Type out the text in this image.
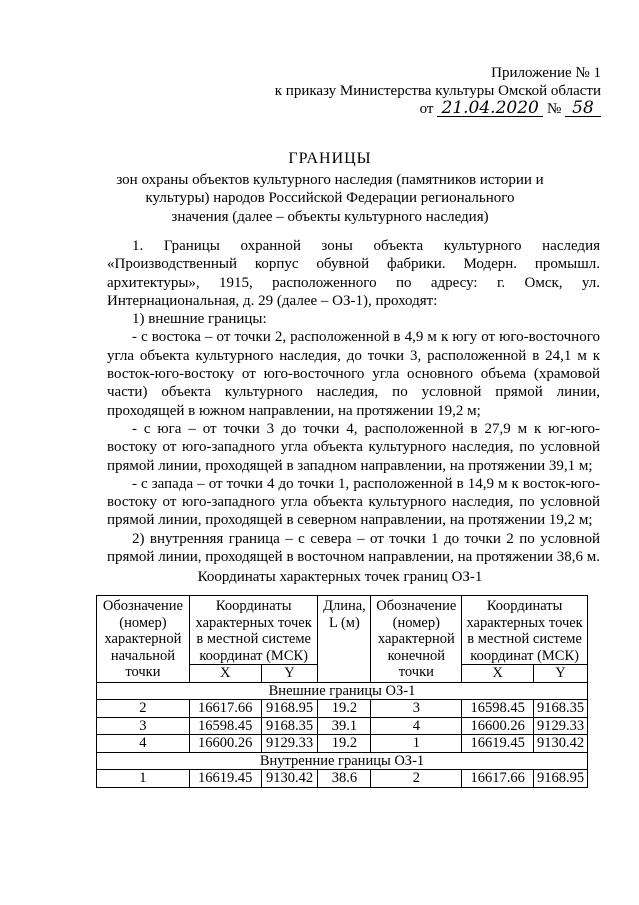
Приложение № 1
к приказу Министерства культуры Омской области
от 21.04.2020 № 58
ГРАНИЦЫ
зон охраны объектов культурного наследия (памятников истории и
культуры) народов Российской Федерации регионального
значения (далее – объекты культурного наследия)

1. Границы охранной зоны объекта культурного наследия «Производственный корпус обувной фабрики. Модерн. промышл. архитектуры», 1915, расположенного по адресу: г. Омск, ул. Интернациональная, д. 29 (далее – ОЗ-1), проходят:

1) внешние границы:

- с востока – от точки 2, расположенной в 4,9 м к югу от юго-восточного угла объекта культурного наследия, до точки 3, расположенной в 24,1 м к восток-юго-востоку от юго-восточного угла основного объема (храмовой части) объекта культурного наследия, по условной прямой линии, проходящей в южном направлении, на протяжении 19,2 м;

- с юга – от точки 3 до точки 4, расположенной в 27,9 м к юг-юго-востоку от юго-западного угла объекта культурного наследия, по условной прямой линии, проходящей в западном направлении, на протяжении 39,1 м;

- с запада – от точки 4 до точки 1, расположенной в 14,9 м к восток-юго-востоку от юго-западного угла объекта культурного наследия, по условной прямой линии, проходящей в северном направлении, на протяжении 19,2 м;

2) внутренняя граница – с севера – от точки 1 до точки 2 по условной прямой линии, проходящей в восточном направлении, на протяжении 38,6 м.

Координаты характерных точек границ ОЗ-1
Обозначение (номер) характерной начальной точки	Координаты характерных точек в местной системе координат (МСК)		Длина, L (м)	Обозначение (номер) характерной конечной точки	Координаты характерных точек в местной системе координат (МСК)	
	X	Y			X	Y
Внешние границы ОЗ-1						
2	16617.66	9168.95	19.2	3	16598.45	9168.35
3	16598.45	9168.35	39.1	4	16600.26	9129.33
4	16600.26	9129.33	19.2	1	16619.45	9130.42
Внутренние границы ОЗ-1						
1	16619.45	9130.42	38.6	2	16617.66	9168.95
